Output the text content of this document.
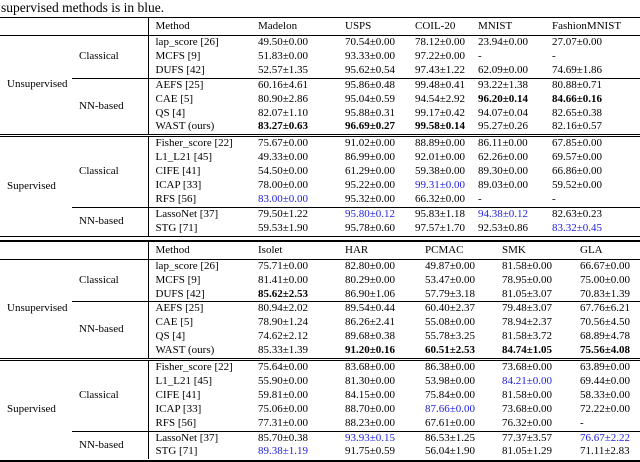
supervised methods is in blue.
		Method	Madelon	USPS	COIL-20	MNIST	FashionMNIST
Unsupervised	Classical	lap_score [26]	49.50±0.00	70.54±0.00	78.12±0.00	23.94±0.00	27.07±0.00
		MCFS [9]	51.83±0.00	93.33±0.00	97.22±0.00	-	-
		DUFS [42]	52.57±1.35	95.62±0.54	97.43±1.22	62.09±0.00	74.69±1.86
	NN-based	AEFS [25]	60.16±4.61	95.86±0.48	99.48±0.41	93.22±1.38	80.88±0.71
		CAE [5]	80.90±2.86	95.04±0.59	94.54±2.92	96.20±0.14	84.66±0.16
		QS [4]	82.07±1.10	95.88±0.31	99.17±0.42	94.07±0.04	82.65±0.38
		WAST (ours)	83.27±0.63	96.69±0.27	99.58±0.14	95.27±0.26	82.16±0.57
Supervised	Classical	Fisher_score [22]	75.67±0.00	91.02±0.00	88.89±0.00	86.11±0.00	67.85±0.00
		L1_L21 [45]	49.33±0.00	86.99±0.00	92.01±0.00	62.26±0.00	69.57±0.00
		CIFE [41]	54.50±0.00	61.29±0.00	59.38±0.00	89.30±0.00	66.86±0.00
		ICAP [33]	78.00±0.00	95.22±0.00	99.31±0.00	89.03±0.00	59.52±0.00
		RFS [56]	83.00±0.00	95.32±0.00	66.32±0.00	-	-
	NN-based	LassoNet [37]	79.50±1.22	95.80±0.12	95.83±1.18	94.38±0.12	82.63±0.23
		STG [71]	59.53±1.90	95.78±0.60	97.57±1.70	92.53±0.86	83.32±0.45
		Method	Isolet	HAR	PCMAC	SMK	GLA
Unsupervised	Classical	lap_score [26]	75.71±0.00	82.80±0.00	49.87±0.00	81.58±0.00	66.67±0.00
		MCFS [9]	81.41±0.00	80.29±0.00	53.47±0.00	78.95±0.00	75.00±0.00
		DUFS [42]	85.62±2.53	86.90±1.06	57.79±3.18	81.05±3.07	70.83±1.39
	NN-based	AEFS [25]	80.94±2.02	89.54±0.44	60.40±2.37	79.48±3.07	67.76±6.21
		CAE [5]	78.90±1.24	86.26±2.41	55.08±0.00	78.94±2.37	70.56±4.50
		QS [4]	74.62±2.12	89.68±0.38	55.78±3.25	81.58±3.72	68.89±4.78
		WAST (ours)	85.33±1.39	91.20±0.16	60.51±2.53	84.74±1.05	75.56±4.08
Supervised	Classical	Fisher_score [22]	75.64±0.00	83.68±0.00	86.38±0.00	73.68±0.00	63.89±0.00
		L1_L21 [45]	55.90±0.00	81.30±0.00	53.98±0.00	84.21±0.00	69.44±0.00
		CIFE [41]	59.81±0.00	84.15±0.00	75.84±0.00	81.58±0.00	58.33±0.00
		ICAP [33]	75.06±0.00	88.70±0.00	87.66±0.00	73.68±0.00	72.22±0.00
		RFS [56]	77.31±0.00	88.23±0.00	67.61±0.00	76.32±0.00	-
	NN-based	LassoNet [37]	85.70±0.38	93.93±0.15	86.53±1.25	77.37±3.57	76.67±2.22
		STG [71]	89.38±1.19	91.75±0.59	56.04±1.90	81.05±1.29	71.11±2.83
